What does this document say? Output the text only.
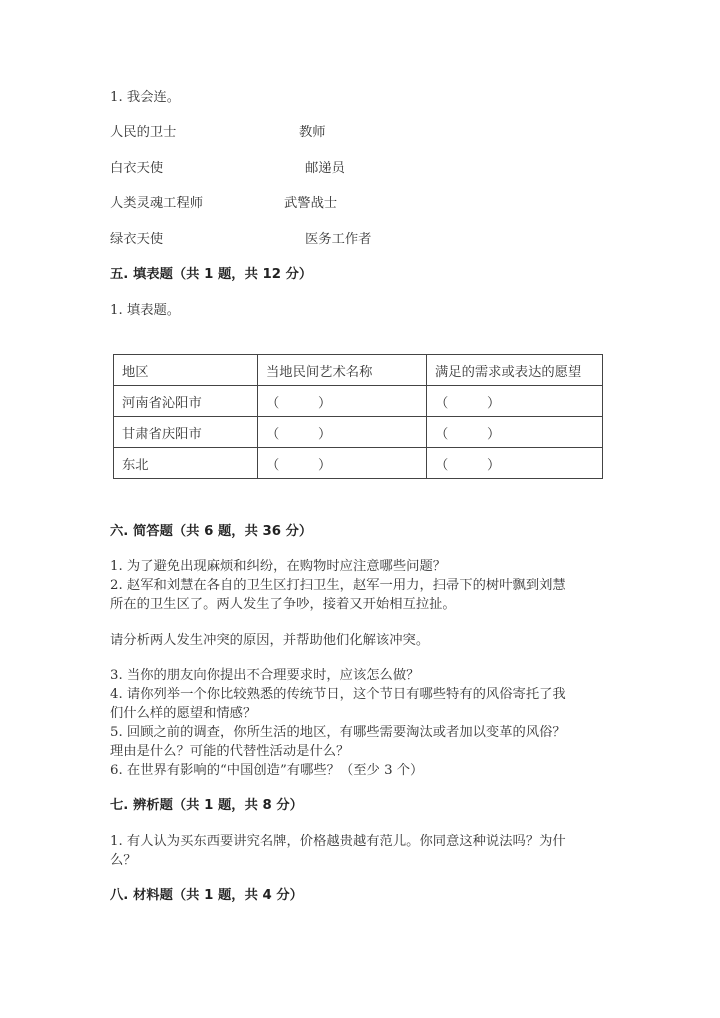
1. 我会连。
人民的卫士	教师
白衣天使	邮递员
人类灵魂工程师	武警战士
绿衣天使	医务工作者
五. 填表题（共 1 题，共 12 分）
1. 填表题。
地区	当地民间艺术名称	满足的需求或表达的愿望
河南省沁阳市	（ ）	（ ）

甘肃省庆阳市	（ ）	（ ）

东北	（ ）	（ ）
六. 简答题（共 6 题，共 36 分）
1. 为了避免出现麻烦和纠纷，在购物时应注意哪些问题？
2. 赵军和刘慧在各自的卫生区打扫卫生，赵军一用力，扫帚下的树叶飘到刘慧
所在的卫生区了。两人发生了争吵，接着又开始相互拉扯。
请分析两人发生冲突的原因，并帮助他们化解该冲突。
3. 当你的朋友向你提出不合理要求时，应该怎么做？
4. 请你列举一个你比较熟悉的传统节日，这个节日有哪些特有的风俗寄托了我
们什么样的愿望和情感？
5. 回顾之前的调查，你所生活的地区，有哪些需要淘汰或者加以变革的风俗？
理由是什么？可能的代替性活动是什么？
6. 在世界有影响的“中国创造”有哪些？（至少 3 个）
七. 辨析题（共 1 题，共 8 分）
1. 有人认为买东西要讲究名牌，价格越贵越有范儿。你同意这种说法吗？为什
么？
八. 材料题（共 1 题，共 4 分）
